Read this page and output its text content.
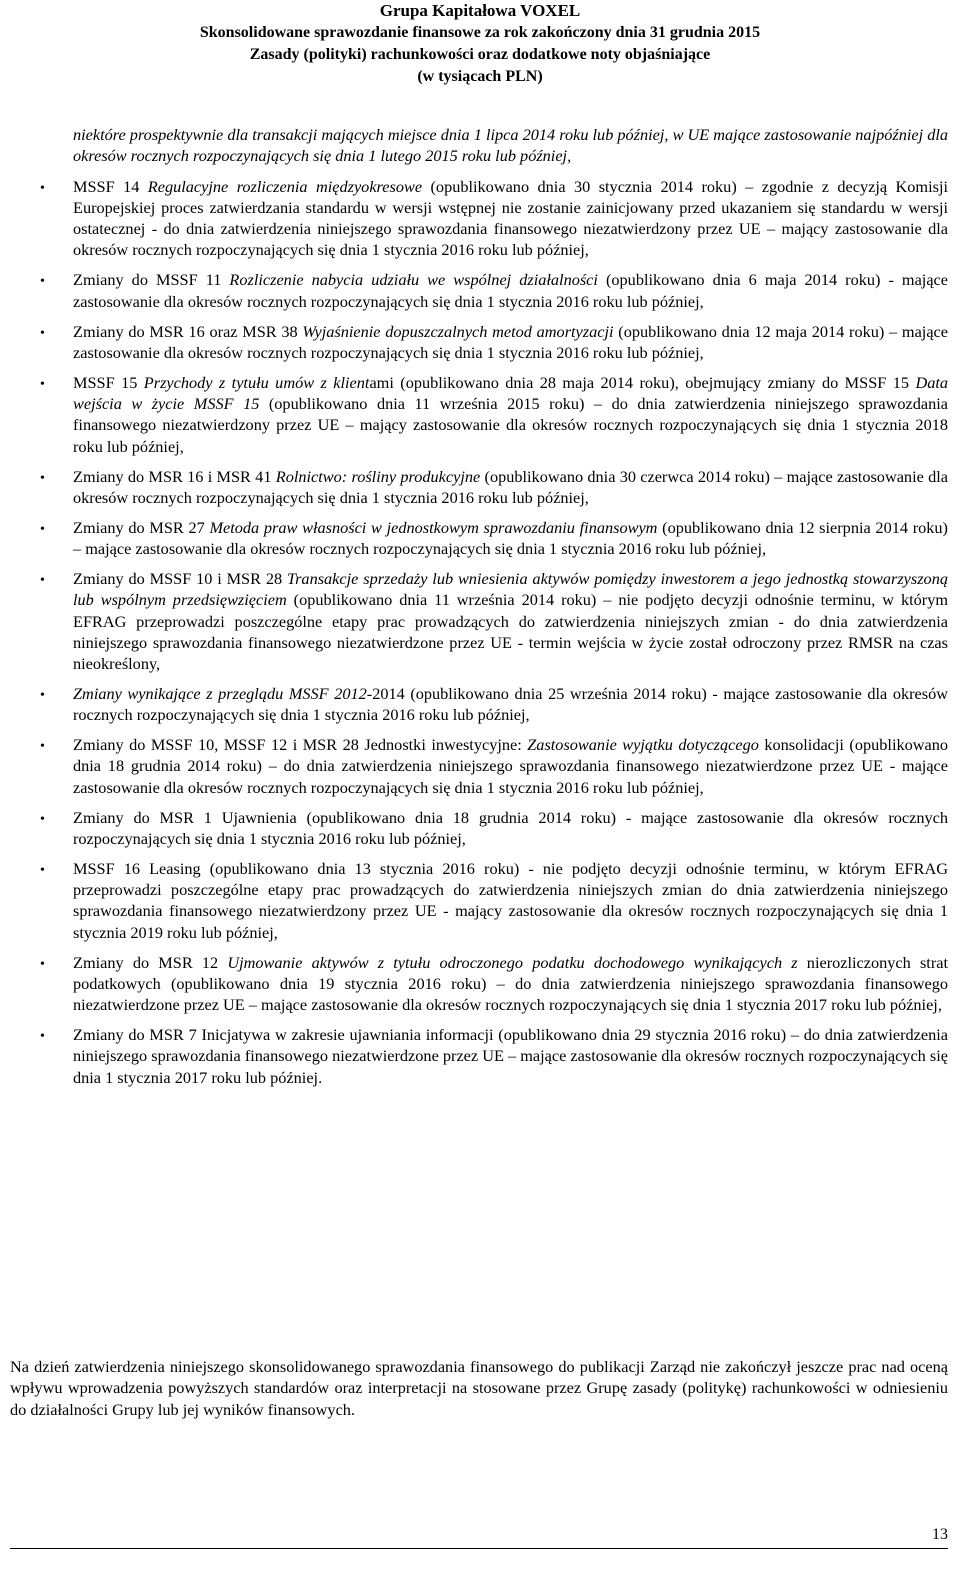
Grupa Kapitałowa VOXEL
Skonsolidowane sprawozdanie finansowe za rok zakończony dnia 31 grudnia 2015
Zasady (polityki) rachunkowości oraz dodatkowe noty objaśniające
(w tysiącach PLN)

niektóre prospektywnie dla transakcji mających miejsce dnia 1 lipca 2014 roku lub później, w UE mające zastosowanie najpóźniej dla okresów rocznych rozpoczynających się dnia 1 lutego 2015 roku lub później,

•
MSSF 14 Regulacyjne rozliczenia międzyokresowe (opublikowano dnia 30 stycznia 2014 roku) – zgodnie z decyzją Komisji Europejskiej proces zatwierdzania standardu w wersji wstępnej nie zostanie zainicjowany przed ukazaniem się standardu w wersji ostatecznej - do dnia zatwierdzenia niniejszego sprawozdania finansowego niezatwierdzony przez UE – mający zastosowanie dla okresów rocznych rozpoczynających się dnia 1 stycznia 2016 roku lub później,
•
Zmiany do MSSF 11 Rozliczenie nabycia udziału we wspólnej działalności (opublikowano dnia 6 maja 2014 roku) - mające zastosowanie dla okresów rocznych rozpoczynających się dnia 1 stycznia 2016 roku lub później,
•
Zmiany do MSR 16 oraz MSR 38 Wyjaśnienie dopuszczalnych metod amortyzacji (opublikowano dnia 12 maja 2014 roku) – mające zastosowanie dla okresów rocznych rozpoczynających się dnia 1 stycznia 2016 roku lub później,
•
MSSF 15 Przychody z tytułu umów z klientami (opublikowano dnia 28 maja 2014 roku), obejmujący zmiany do MSSF 15 Data wejścia w życie MSSF 15 (opublikowano dnia 11 września 2015 roku) – do dnia zatwierdzenia niniejszego sprawozdania finansowego niezatwierdzony przez UE – mający zastosowanie dla okresów rocznych rozpoczynających się dnia 1 stycznia 2018 roku lub później,
•
Zmiany do MSR 16 i MSR 41 Rolnictwo: rośliny produkcyjne (opublikowano dnia 30 czerwca 2014 roku) – mające zastosowanie dla okresów rocznych rozpoczynających się dnia 1 stycznia 2016 roku lub później,
•
Zmiany do MSR 27 Metoda praw własności w jednostkowym sprawozdaniu finansowym (opublikowano dnia 12 sierpnia 2014 roku) – mające zastosowanie dla okresów rocznych rozpoczynających się dnia 1 stycznia 2016 roku lub później,
•
Zmiany do MSSF 10 i MSR 28 Transakcje sprzedaży lub wniesienia aktywów pomiędzy inwestorem a jego jednostką stowarzyszoną lub wspólnym przedsięwzięciem (opublikowano dnia 11 września 2014 roku) – nie podjęto decyzji odnośnie terminu, w którym EFRAG przeprowadzi poszczególne etapy prac prowadzących do zatwierdzenia niniejszych zmian - do dnia zatwierdzenia niniejszego sprawozdania finansowego niezatwierdzone przez UE - termin wejścia w życie został odroczony przez RMSR na czas nieokreślony,
•
Zmiany wynikające z przeglądu MSSF 2012-2014 (opublikowano dnia 25 września 2014 roku) - mające zastosowanie dla okresów rocznych rozpoczynających się dnia 1 stycznia 2016 roku lub później,
•
Zmiany do MSSF 10, MSSF 12 i MSR 28 Jednostki inwestycyjne: Zastosowanie wyjątku dotyczącego konsolidacji (opublikowano dnia 18 grudnia 2014 roku) – do dnia zatwierdzenia niniejszego sprawozdania finansowego niezatwierdzone przez UE - mające zastosowanie dla okresów rocznych rozpoczynających się dnia 1 stycznia 2016 roku lub później,
•
Zmiany do MSR 1 Ujawnienia (opublikowano dnia 18 grudnia 2014 roku) - mające zastosowanie dla okresów rocznych rozpoczynających się dnia 1 stycznia 2016 roku lub później,
•
MSSF 16 Leasing (opublikowano dnia 13 stycznia 2016 roku) - nie podjęto decyzji odnośnie terminu, w którym EFRAG przeprowadzi poszczególne etapy prac prowadzących do zatwierdzenia niniejszych zmian do dnia zatwierdzenia niniejszego sprawozdania finansowego niezatwierdzony przez UE - mający zastosowanie dla okresów rocznych rozpoczynających się dnia 1 stycznia 2019 roku lub później,
•
Zmiany do MSR 12 Ujmowanie aktywów z tytułu odroczonego podatku dochodowego wynikających z nierozliczonych strat podatkowych (opublikowano dnia 19 stycznia 2016 roku) – do dnia zatwierdzenia niniejszego sprawozdania finansowego niezatwierdzone przez UE – mające zastosowanie dla okresów rocznych rozpoczynających się dnia 1 stycznia 2017 roku lub później,
•
Zmiany do MSR 7 Inicjatywa w zakresie ujawniania informacji (opublikowano dnia 29 stycznia 2016 roku) – do dnia zatwierdzenia niniejszego sprawozdania finansowego niezatwierdzone przez UE – mające zastosowanie dla okresów rocznych rozpoczynających się dnia 1 stycznia 2017 roku lub później.

Na dzień zatwierdzenia niniejszego skonsolidowanego sprawozdania finansowego do publikacji Zarząd nie zakończył jeszcze prac nad oceną wpływu wprowadzenia powyższych standardów oraz interpretacji na stosowane przez Grupę zasady (politykę) rachunkowości w odniesieniu do działalności Grupy lub jej wyników finansowych.

13
